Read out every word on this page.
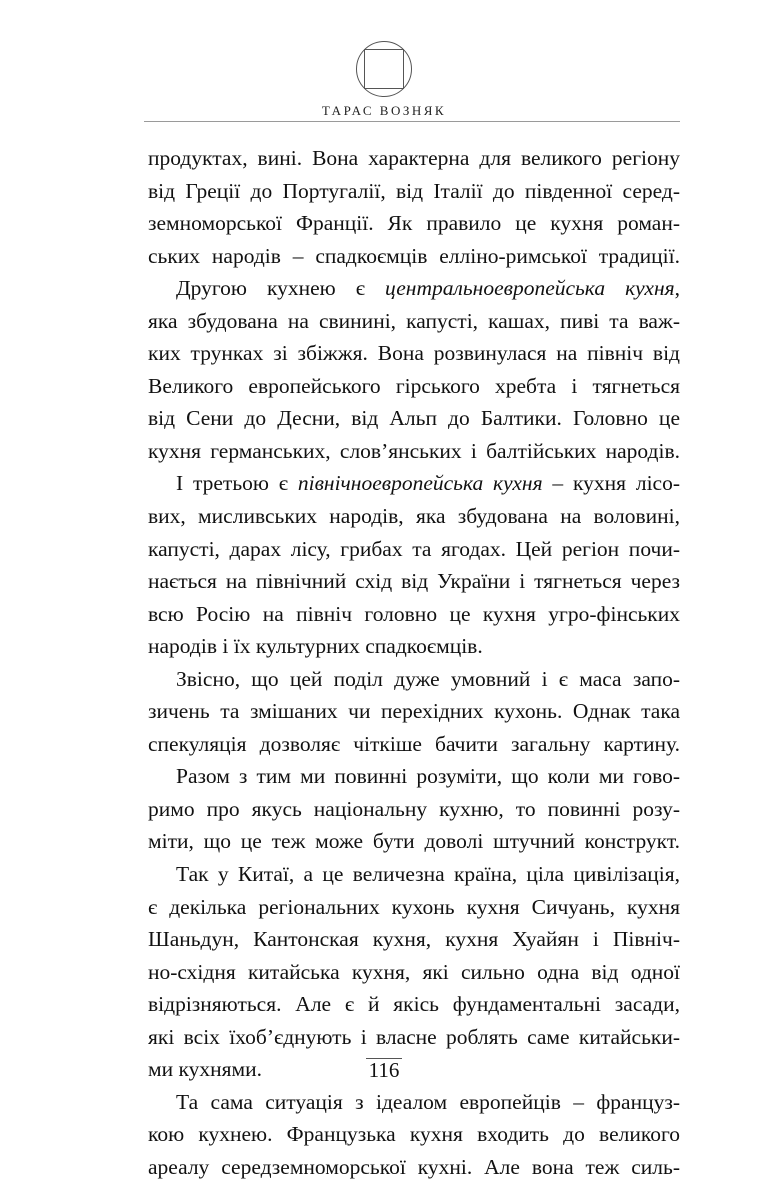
ТАРАС ВОЗНЯК
продуктах, вині. Вона характерна для великого регіону
від Греції до Португалії, від Італії до південної серед-
земноморської Франції. Як правило це кухня роман-
ських народів – спадкоємців елліно-римської традиції.
Другою кухнею є центральноевропейська кухня,
яка збудована на свинині, капусті, кашах, пиві та важ-
ких трунках зі збіжжя. Вона розвинулася на північ від
Великого европейського гірського хребта і тягнеться
від Сени до Десни, від Альп до Балтики. Головно це
кухня германських, слов’янських і балтійських народів.
І третьою є північноевропейська кухня – кухня лісо-
вих, мисливських народів, яка збудована на воловині,
капусті, дарах лісу, грибах та ягодах. Цей регіон почи-
нається на північний схід від України і тягнеться через
всю Росію на північ головно це кухня угро-фінських
народів і їх культурних спадкоємців.
Звісно, що цей поділ дуже умовний і є маса запо-
зичень та змішаних чи перехідних кухонь. Однак така
спекуляція дозволяє чіткіше бачити загальну картину.
Разом з тим ми повинні розуміти, що коли ми гово-
римо про якусь національну кухню, то повинні розу-
міти, що це теж може бути доволі штучний конструкт.
Так у Китаї, а це величезна країна, ціла цивілізація,
є декілька регіональних кухонь кухня Сичуань, кухня
Шаньдун, Кантонская кухня, кухня Хуайян і Північ-
но-східня китайська кухня, які сильно одна від одної
відрізняються. Але є й якісь фундаментальні засади,
які всіх їхоб’єднують і власне роблять саме китайськи-
ми кухнями.
Та сама ситуація з ідеалом европейців – француз-
кою кухнею. Французька кухня входить до великого
ареалу середземноморської кухні. Але вона теж силь-
116
